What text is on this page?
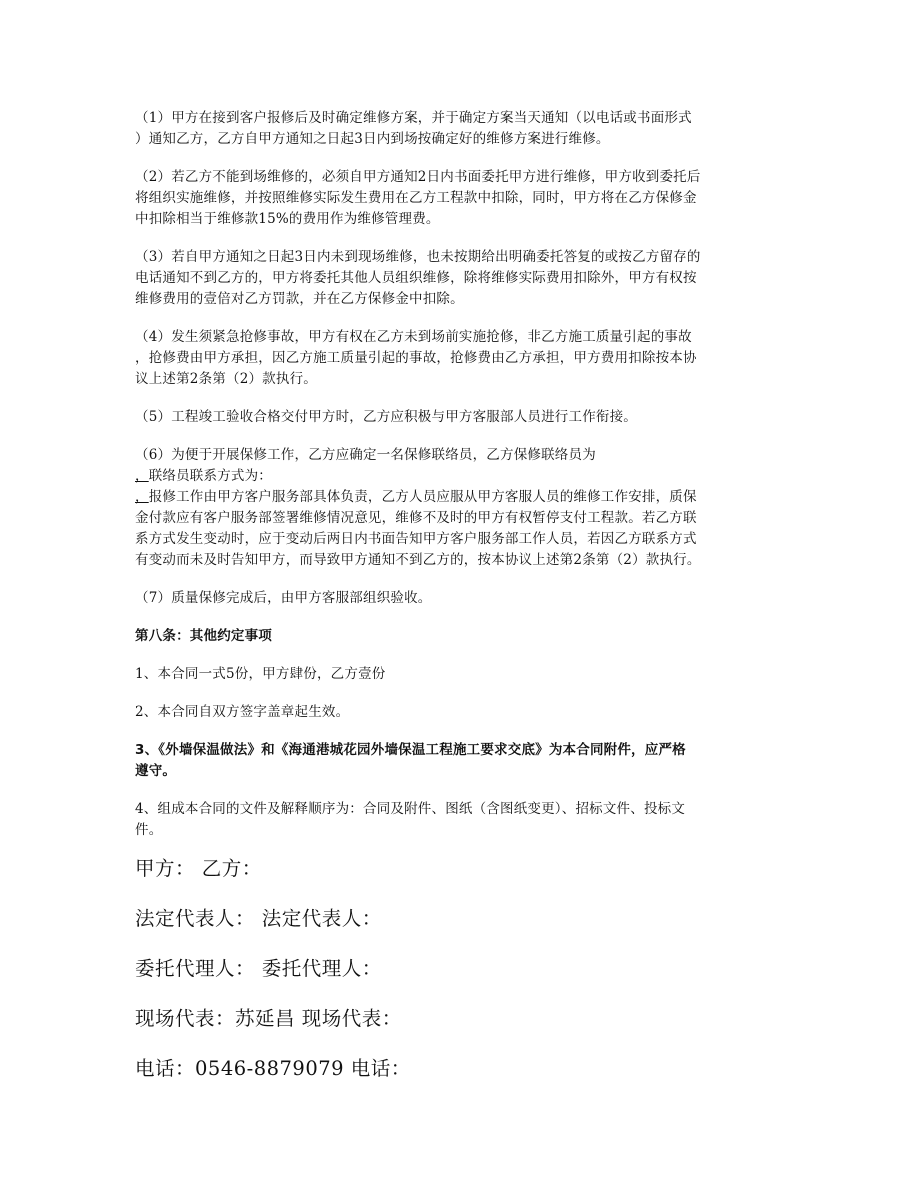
（1）甲方在接到客户报修后及时确定维修方案，并于确定方案当天通知（以电话或书面形式
）通知乙方，乙方自甲方通知之日起3日内到场按确定好的维修方案进行维修。

（2）若乙方不能到场维修的，必须自甲方通知2日内书面委托甲方进行维修，甲方收到委托后
将组织实施维修，并按照维修实际发生费用在乙方工程款中扣除，同时，甲方将在乙方保修金
中扣除相当于维修款15%的费用作为维修管理费。

（3）若自甲方通知之日起3日内未到现场维修，也未按期给出明确委托答复的或按乙方留存的
电话通知不到乙方的，甲方将委托其他人员组织维修，除将维修实际费用扣除外，甲方有权按
维修费用的壹倍对乙方罚款，并在乙方保修金中扣除。

（4）发生须紧急抢修事故，甲方有权在乙方未到场前实施抢修，非乙方施工质量引起的事故
，抢修费由甲方承担，因乙方施工质量引起的事故，抢修费由乙方承担，甲方费用扣除按本协
议上述第2条第（2）款执行。

（5）工程竣工验收合格交付甲方时，乙方应积极与甲方客服部人员进行工作衔接。

（6）为便于开展保修工作，乙方应确定一名保修联络员，乙方保修联络员为
，联络员联系方式为：
，报修工作由甲方客户服务部具体负责，乙方人员应服从甲方客服人员的维修工作安排，质保
金付款应有客户服务部签署维修情况意见，维修不及时的甲方有权暂停支付工程款。若乙方联
系方式发生变动时，应于变动后两日内书面告知甲方客户服务部工作人员，若因乙方联系方式
有变动而未及时告知甲方，而导致甲方通知不到乙方的，按本协议上述第2条第（2）款执行。

（7）质量保修完成后，由甲方客服部组织验收。

第八条：其他约定事项

1、本合同一式5份，甲方肆份，乙方壹份

2、本合同自双方签字盖章起生效。

3、《外墙保温做法》和《海通港城花园外墙保温工程施工要求交底》为本合同附件，应严格
遵守。

4、组成本合同的文件及解释顺序为：合同及附件、图纸（含图纸变更）、招标文件、投标文
件。

甲方： 乙方：

法定代表人： 法定代表人：

委托代理人： 委托代理人：

现场代表：苏延昌 现场代表：

电话：0546-8879079 电话：
